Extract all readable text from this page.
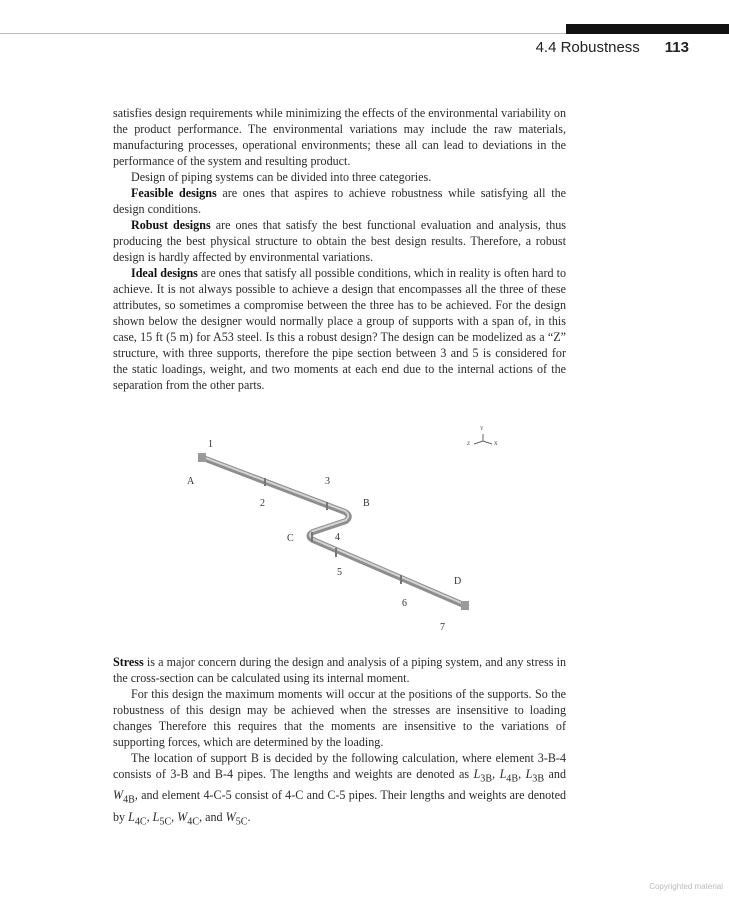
4.4 Robustness 113

satisfies design requirements while minimizing the effects of the environmental variability on the product performance. The environmental variations may include the raw materials, manufacturing processes, operational environments; these all can lead to deviations in the performance of the system and resulting product.

Design of piping systems can be divided into three categories.

Feasible designs are ones that aspires to achieve robustness while satisfying all the design conditions.

Robust designs are ones that satisfy the best functional evaluation and analysis, thus producing the best physical structure to obtain the best design results. Therefore, a robust design is hardly affected by environmental variations.

Ideal designs are ones that satisfy all possible conditions, which in reality is often hard to achieve. It is not always possible to achieve a design that encompasses all the three of these attributes, so sometimes a compromise between the three has to be achieved. For the design shown below the designer would normally place a group of supports with a span of, in this case, 15 ft (5 m) for A53 steel. Is this a robust design? The design can be modelized as a “Z” structure, with three supports, therefore the pipe section between 3 and 5 is considered for the static loadings, weight, and two moments at each end due to the internal actions of the separation from the other parts.

Y
Z	X
1
A
2
3
B
C	4
5
D
6
7

Stress is a major concern during the design and analysis of a piping system, and any stress in the cross-section can be calculated using its internal moment.

For this design the maximum moments will occur at the positions of the supports. So the robustness of this design may be achieved when the stresses are insensitive to loading changes Therefore this requires that the moments are insensitive to the variations of supporting forces, which are determined by the loading.

The location of support B is decided by the following calculation, where element 3-B-4 consists of 3-B and B-4 pipes. The lengths and weights are denoted as $L_{3B}$, $L_{4B}$, $L_{3B}$ and $W_{4B}$, and element 4-C-5 consist of 4-C and C-5 pipes. Their lengths and weights are denoted by $L_{4C}$, $L_{5C}$, $W_{4C}$, and $W_{5C}$.

Copyrighted material
